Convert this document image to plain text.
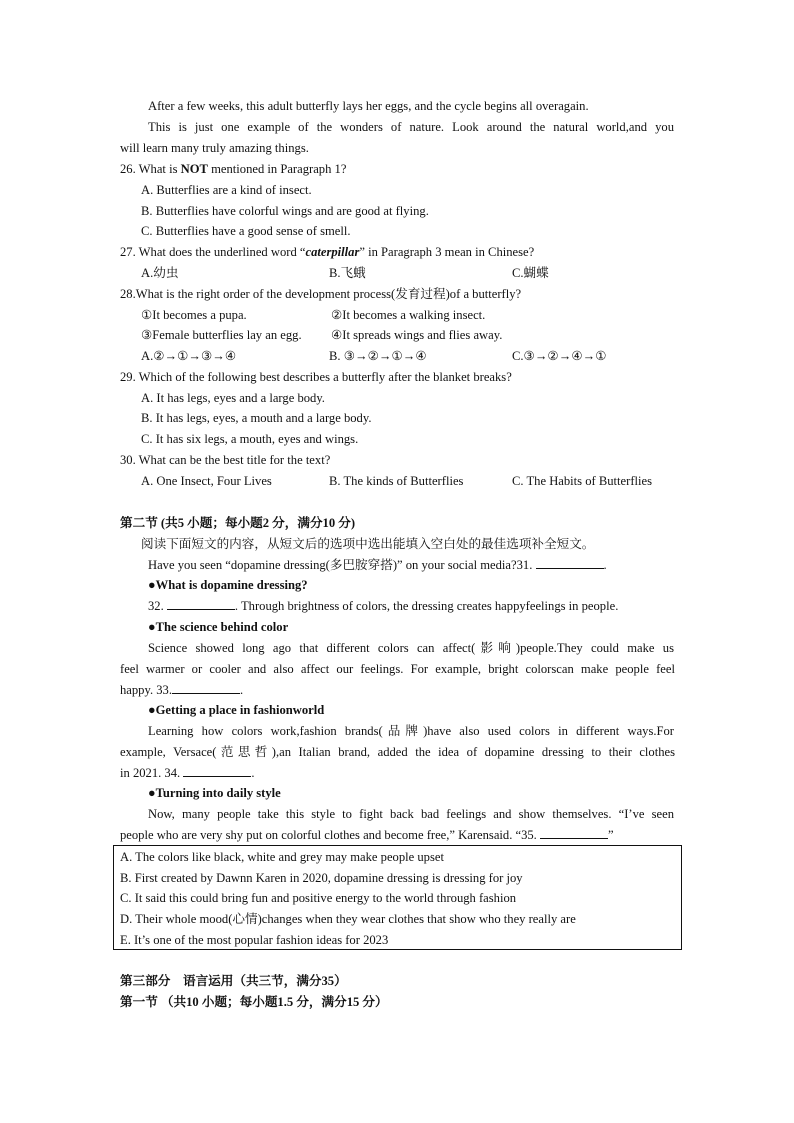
After a few weeks, this adult butterfly lays her eggs, and the cycle begins all overagain.
This is just one example of the wonders of nature. Look around the natural world,and you
will learn many truly amazing things.
26. What is NOT mentioned in Paragraph 1?
A. Butterflies are a kind of insect.
B. Butterflies have colorful wings and are good at flying.
C. Butterflies have a good sense of smell.
27. What does the underlined word “caterpillar” in Paragraph 3 mean in Chinese?
A.幼虫	B.飞蛾	C.蝴蝶
28.What is the right order of the development process(发育过程)of a butterfly?
①It becomes a pupa.	②It becomes a walking insect.
③Female butterflies lay an egg. ④It spreads wings and flies away.
A.②→①→③→④	B. ③→②→①→④	C.③→②→④→①
29. Which of the following best describes a butterfly after the blanket breaks?
A. It has legs, eyes and a large body.
B. It has legs, eyes, a mouth and a large body.
C. It has six legs, a mouth, eyes and wings.
30. What can be the best title for the text?
A. One Insect, Four Lives	B. The kinds of Butterflies	C. The Habits of Butterflies
第二节 (共5 小题；每小题2 分，满分10 分)
阅读下面短文的内容，从短文后的选项中选出能填入空白处的最佳选项补全短文。
Have you seen “dopamine dressing(多巴胺穿搭)” on your social media?31.	.
●What is dopamine dressing?
32.	. Through brightness of colors, the dressing creates happyfeelings in people.
●The science behind color
Science showed long ago that different colors can affect(影响)people.They could make us
feel warmer or cooler and also affect our feelings. For example, bright colorscan make people feel
happy. 33.	.
●Getting a place in fashionworld
Learning how colors work,fashion brands(品牌)have also used colors in different ways.For
example, Versace(范思哲),an Italian brand, added the idea of dopamine dressing to their clothes
in 2021. 34.	.
●Turning into daily style
Now, many people take this style to fight back bad feelings and show themselves. “I’ve seen
people who are very shy put on colorful clothes and become free,” Karensaid. “35.	”
A. The colors like black, white and grey may make people upset
B. First created by Dawnn Karen in 2020, dopamine dressing is dressing for joy
C. It said this could bring fun and positive energy to the world through fashion
D. Their whole mood(心情)changes when they wear clothes that show who they really are
E. It’s one of the most popular fashion ideas for 2023
第三部分　语言运用（共三节，满分35）
第一节 （共10 小题；每小题1.5 分，满分15 分）
